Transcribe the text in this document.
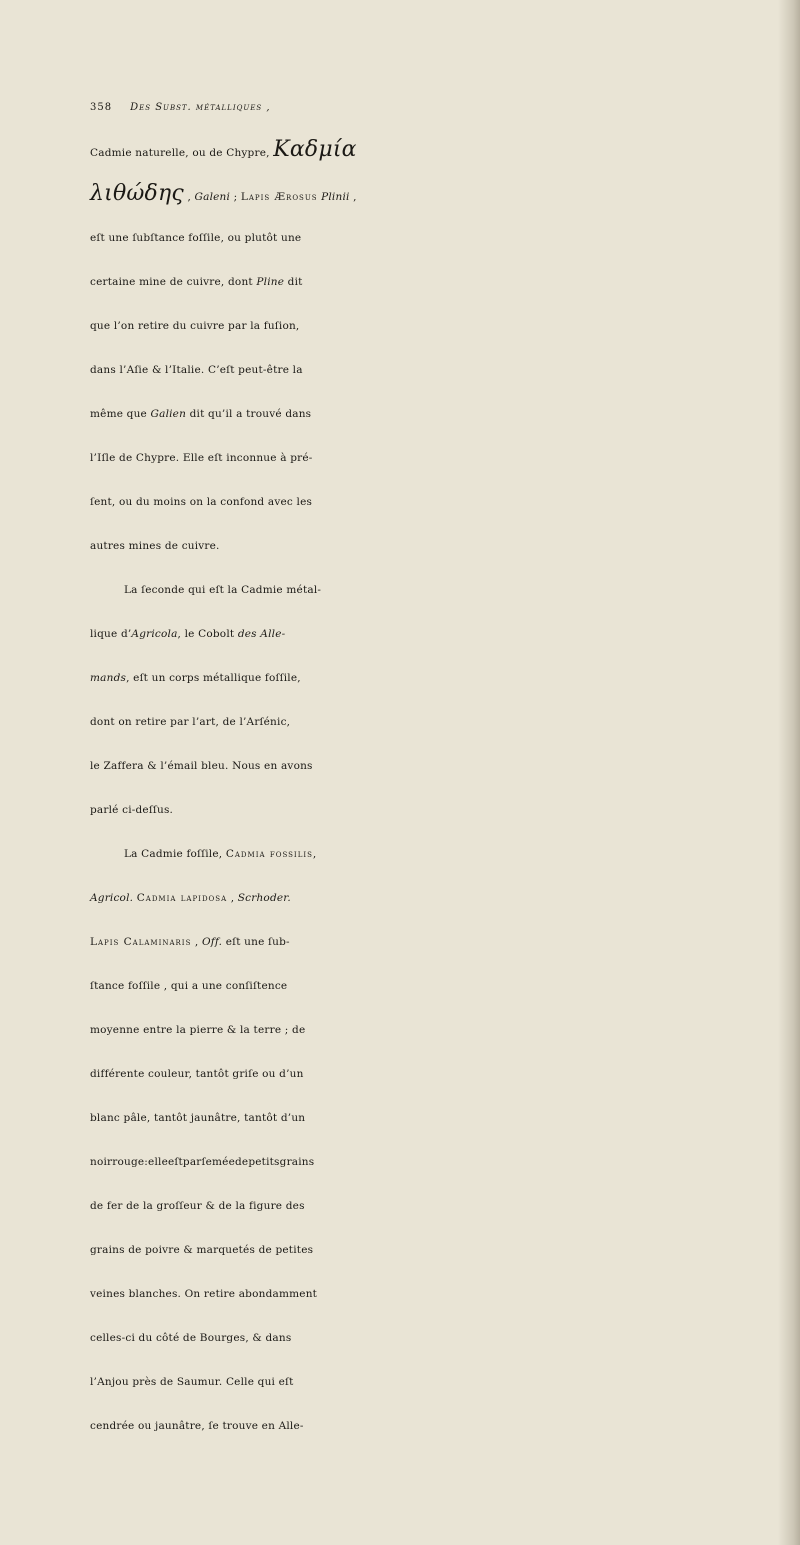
358 Des Subst. métalliques ,
Cadmie naturelle, ou de Chypre, Καδμία
λιθώδης , Galeni ; Lapis Ærosus Plinii ,
eſt une ſubſtance foſſile, ou plutôt une
certaine mine de cuivre, dont Pline dit
que l’on retire du cuivre par la fuſion,
dans l’Aſie & l’Italie. C’eſt peut-être la
même que Galien dit qu’il a trouvé dans
l’Iſle de Chypre. Elle eſt inconnue à pré-
ſent, ou du moins on la confond avec les
autres mines de cuivre.
La ſeconde qui eſt la Cadmie métal-
lique d’Agricola, le Cobolt des Alle-
mands, eſt un corps métallique foſſile,
dont on retire par l’art, de l’Arſénic,
le Zaffera & l’émail bleu. Nous en avons
parlé ci-deſſus.
La Cadmie foſſile, Cadmia fossilis,
Agricol. Cadmia lapidosa , Scrhoder.
Lapis Calaminaris , Off. eſt une ſub-
ſtance foſſile , qui a une conſiſtence
moyenne entre la pierre & la terre ; de
différente couleur, tantôt griſe ou d’un
blanc pâle, tantôt jaunâtre, tantôt d’un
noirrouge:elleeſtparſeméedepetitsgrains
de fer de la groſſeur & de la figure des
grains de poivre & marquetés de petites
veines blanches. On retire abondamment
celles-ci du côté de Bourges, & dans
l’Anjou près de Saumur. Celle qui eſt
cendrée ou jaunâtre, ſe trouve en Alle-
